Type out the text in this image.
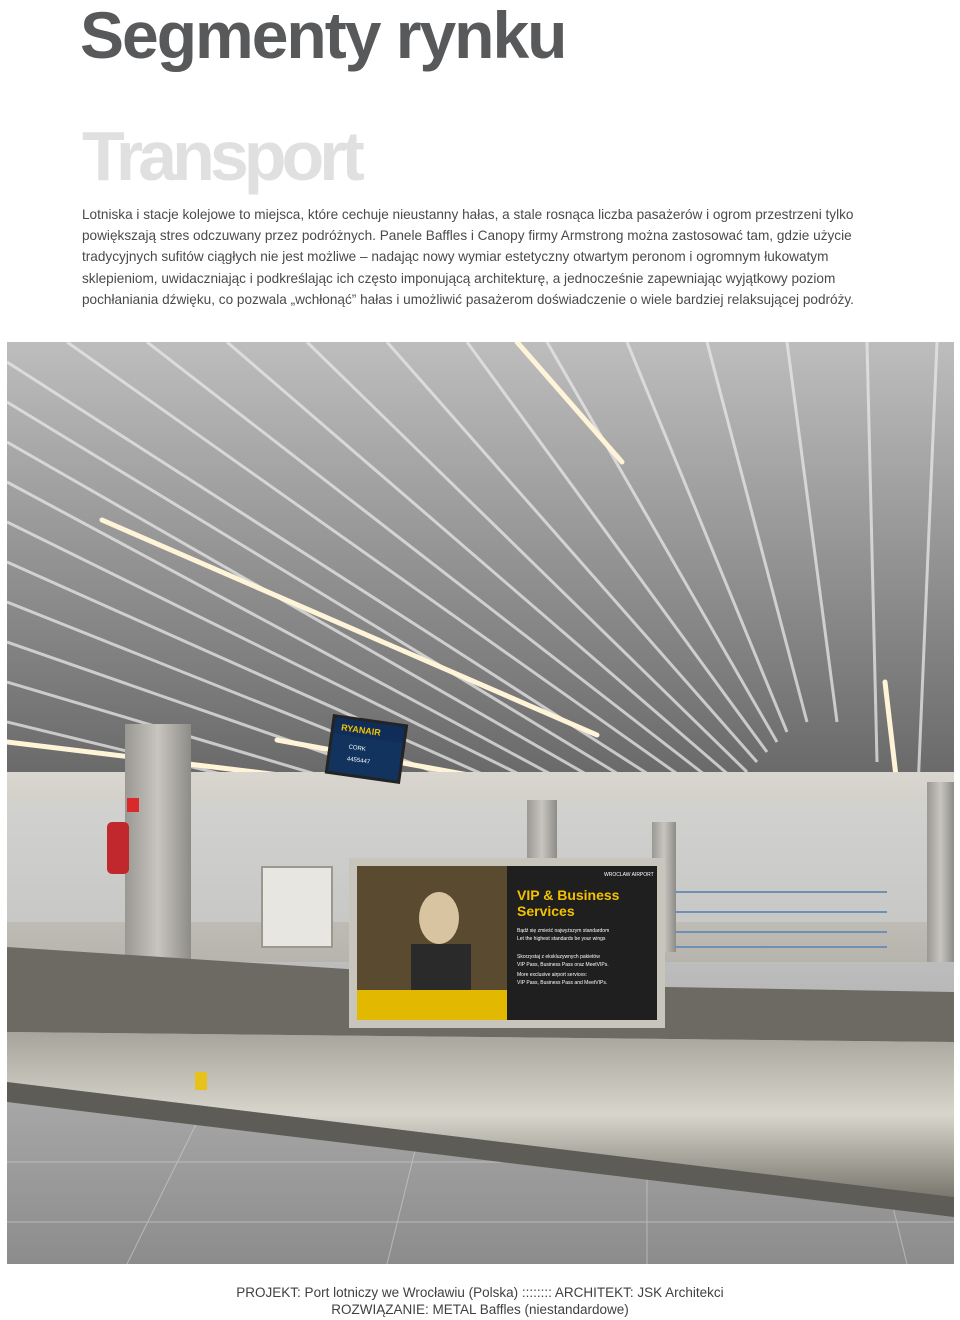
Segmenty rynku
Transport

Lotniska i stacje kolejowe to miejsca, które cechuje nieustanny hałas, a stale rosnąca liczba pasażerów i ogrom przestrzeni tylko powiększają stres odczuwany przez podróżnych. Panele Baffles i Canopy firmy Armstrong można zastosować tam, gdzie użycie tradycyjnych sufitów ciągłych nie jest możliwe – nadając nowy wymiar estetyczny otwartym peronom i ogromnym łukowatym sklepieniom, uwidaczniając i podkreślając ich często imponującą architekturę, a jednocześnie zapewniając wyjątkowy poziom pochłaniania dźwięku, co pozwala „wchłonąć” hałas i umożliwić pasażerom doświadczenie o wiele bardziej relaksującej podróży.

RYANAIR
CORK
4455447
WROCLAW AIRPORT
VIP & Business
Services
Bądź się zmieść najwyższym standardom
Let the highest standards be your wings
Skorzystaj z ekskluzywnych pakietów
VIP Pass, Business Pass oraz MeetVIPs.
More exclusive airport services:
VIP Pass, Business Pass and MeetVIPs.
PROJEKT: Port lotniczy we Wrocławiu (Polska) :::::::: ARCHITEKT: JSK Architekci
ROZWIĄZANIE: METAL Baffles (niestandardowe)
